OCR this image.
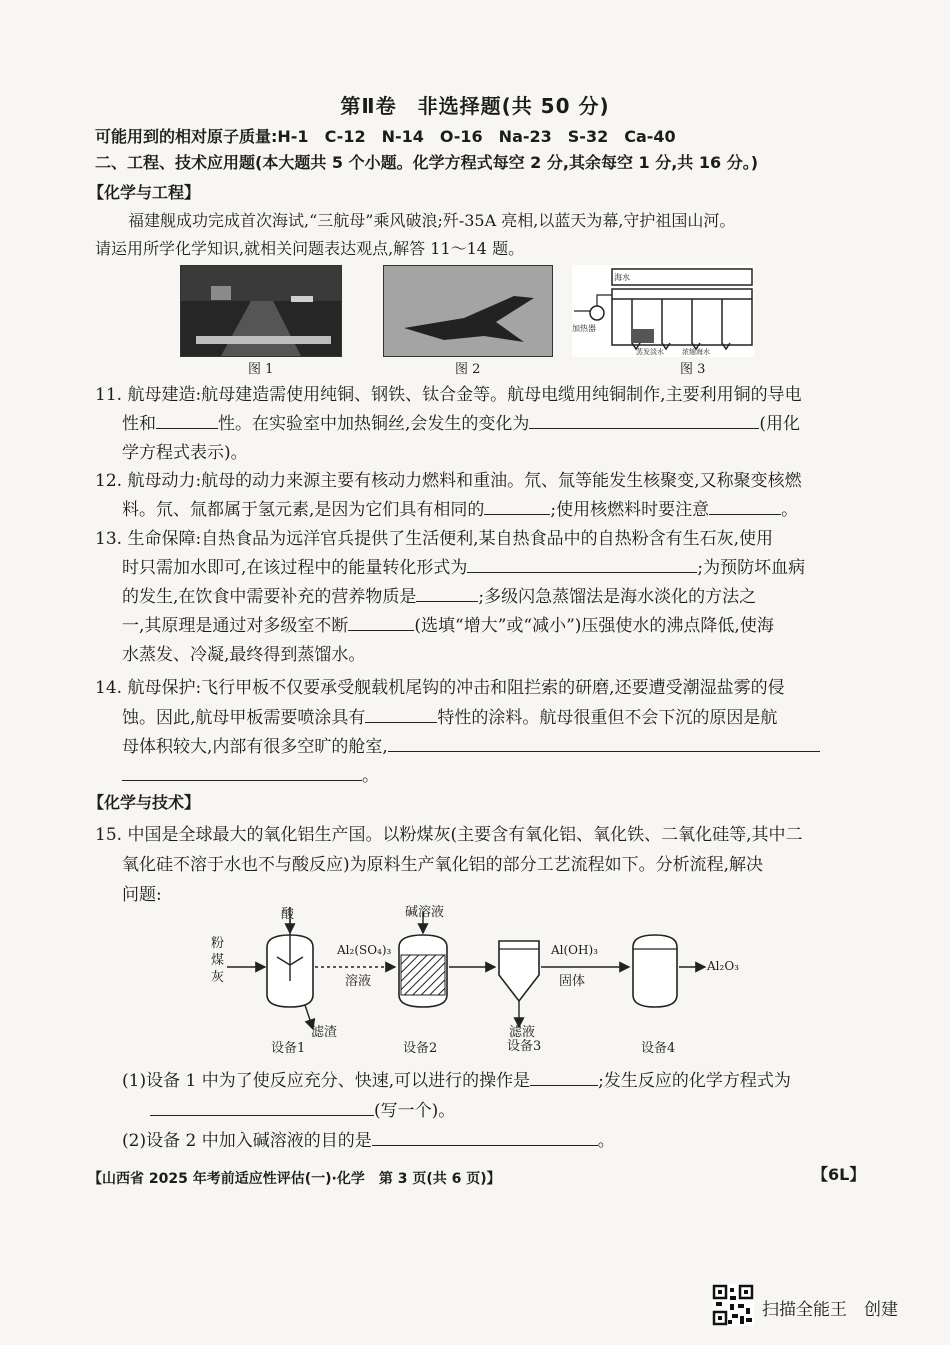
第Ⅱ卷　非选择题(共 50 分)
可能用到的相对原子质量:H-1　C-12　N-14　O-16　Na-23　S-32　Ca-40
二、工程、技术应用题(本大题共 5 个小题。化学方程式每空 2 分,其余每空 1 分,共 16 分。)
【化学与工程】
福建舰成功完成首次海试,“三航母”乘风破浪;歼-35A 亮相,以蓝天为幕,守护祖国山河。
请运用所学化学知识,就相关问题表达观点,解答 11～14 题。
图 1	图 2
加热器
海水
蒸发淡水	浓缩海水
图 3
11. 航母建造:航母建造需使用纯铜、钢铁、钛合金等。航母电缆用纯铜制作,主要利用铜的导电
性和	性。在实验室中加热铜丝,会发生的变化为	(用化
学方程式表示)。
12. 航母动力:航母的动力来源主要有核动力燃料和重油。氘、氚等能发生核聚变,又称聚变核燃
料。氘、氚都属于氢元素,是因为它们具有相同的	;使用核燃料时要注意	。
13. 生命保障:自热食品为远洋官兵提供了生活便利,某自热食品中的自热粉含有生石灰,使用
时只需加水即可,在该过程中的能量转化形式为	;为预防坏血病
的发生,在饮食中需要补充的营养物质是	;多级闪急蒸馏法是海水淡化的方法之
一,其原理是通过对多级室不断	(选填“增大”或“减小”)压强使水的沸点降低,使海
水蒸发、冷凝,最终得到蒸馏水。
14. 航母保护:飞行甲板不仅要承受舰载机尾钩的冲击和阻拦索的研磨,还要遭受潮湿盐雾的侵
蚀。因此,航母甲板需要喷涂具有	特性的涂料。航母很重但不会下沉的原因是航
母体积较大,内部有很多空旷的舱室,
。
【化学与技术】
15. 中国是全球最大的氧化铝生产国。以粉煤灰(主要含有氧化铝、氧化铁、二氧化硅等,其中二
氧化硅不溶于水也不与酸反应)为原料生产氧化铝的部分工艺流程如下。分析流程,解决
问题:
粉煤灰
酸
Al₂(SO₄)₃
溶液
碱溶液
Al(OH)₃
固体
Al₂O₃
滤渣	滤液
设备1	设备2	设备3	设备4
(1)设备 1 中为了使反应充分、快速,可以进行的操作是	;发生反应的化学方程式为
(写一个)。
(2)设备 2 中加入碱溶液的目的是	。
【山西省 2025 年考前适应性评估(一)·化学　第 3 页(共 6 页)】	【6L】
扫描全能王　创建
